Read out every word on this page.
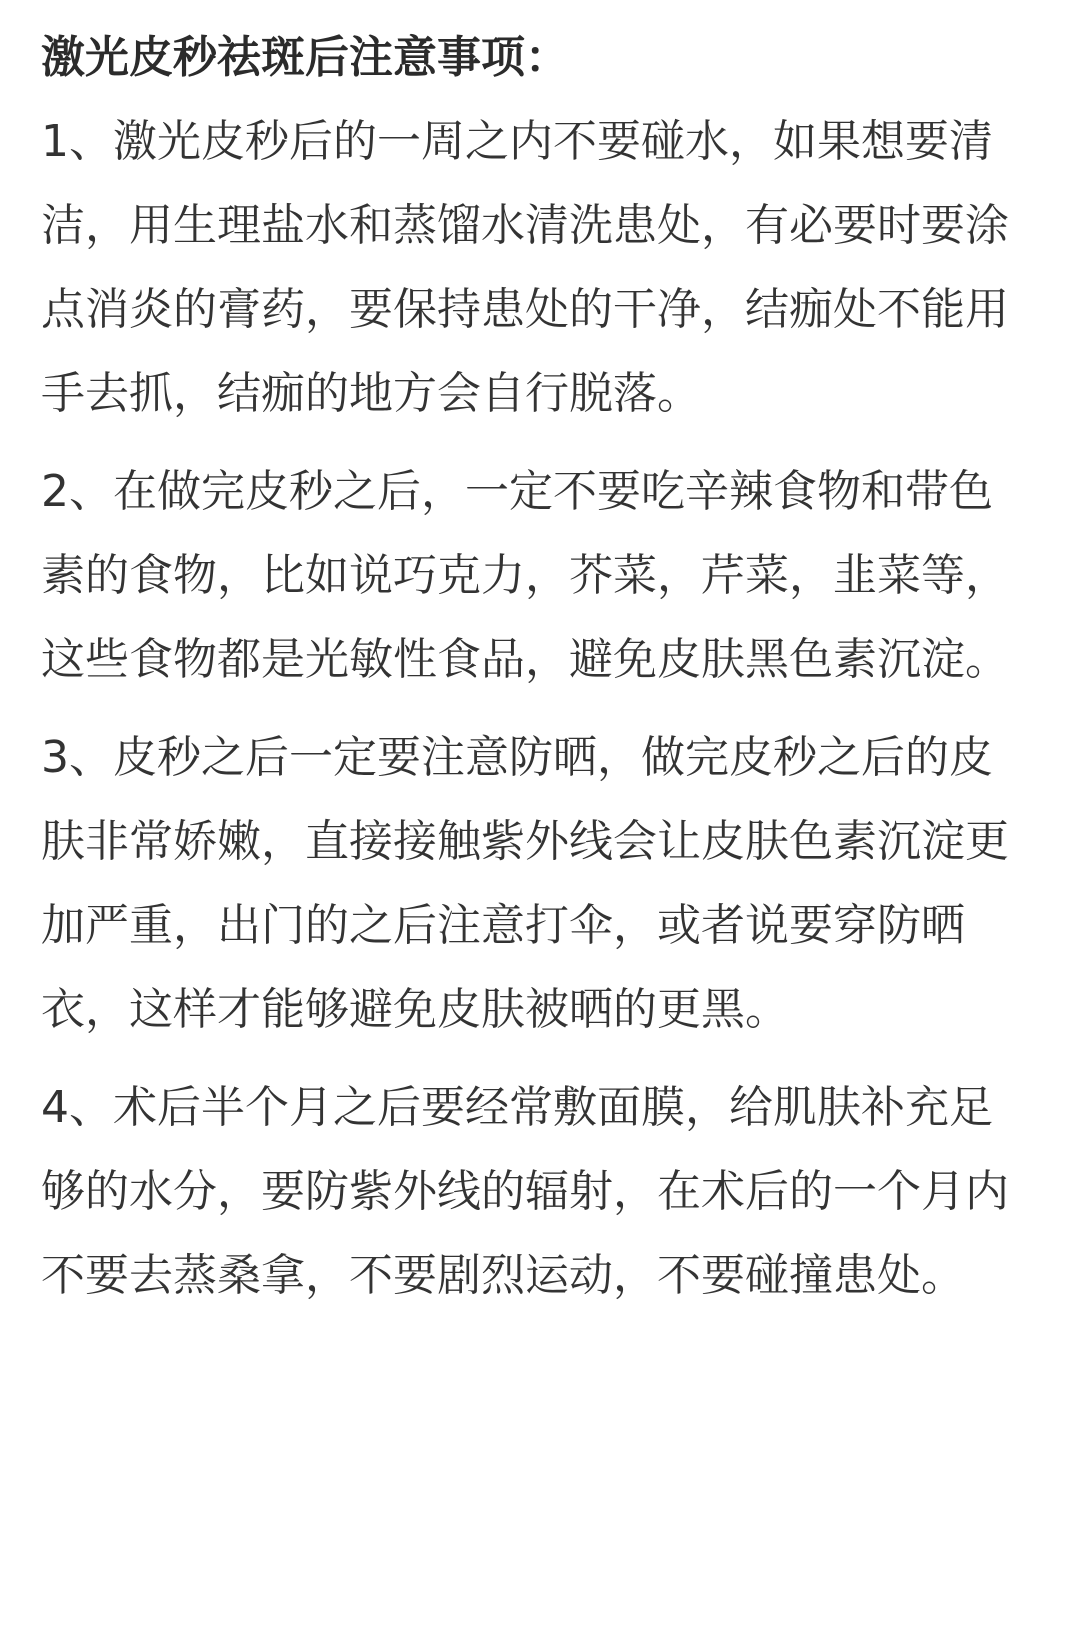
激光皮秒祛斑后注意事项：

1、激光皮秒后的一周之内不要碰水，如果想要清洁，用生理盐水和蒸馏水清洗患处，有必要时要涂点消炎的膏药，要保持患处的干净，结痂处不能用手去抓，结痂的地方会自行脱落。

2、在做完皮秒之后，一定不要吃辛辣食物和带色素的食物，比如说巧克力，芥菜，芹菜，韭菜等，这些食物都是光敏性食品，避免皮肤黑色素沉淀。

3、皮秒之后一定要注意防晒，做完皮秒之后的皮肤非常娇嫩，直接接触紫外线会让皮肤色素沉淀更加严重，出门的之后注意打伞，或者说要穿防晒衣，这样才能够避免皮肤被晒的更黑。

4、术后半个月之后要经常敷面膜，给肌肤补充足够的水分，要防紫外线的辐射，在术后的一个月内不要去蒸桑拿，不要剧烈运动，不要碰撞患处。
